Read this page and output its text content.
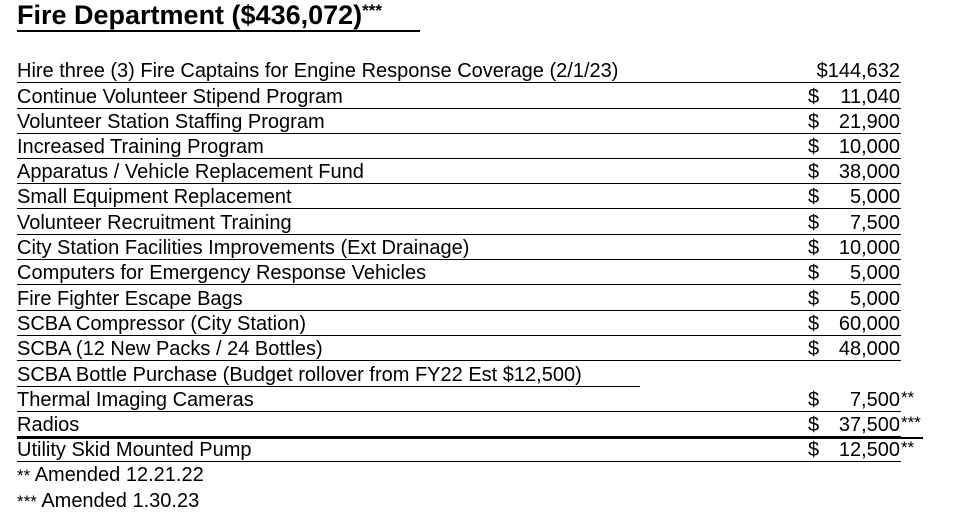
Fire Department ($436,072)***
Hire three (3) Fire Captains for Engine Response Coverage (2/1/23)	$144,632
Continue Volunteer Stipend Program	$ 11,040
Volunteer Station Staffing Program	$ 21,900
Increased Training Program	$ 10,000
Apparatus / Vehicle Replacement Fund	$ 38,000
Small Equipment Replacement	$ 5,000
Volunteer Recruitment Training	$ 7,500
City Station Facilities Improvements (Ext Drainage)	$ 10,000
Computers for Emergency Response Vehicles	$ 5,000
Fire Fighter Escape Bags	$ 5,000
SCBA Compressor (City Station)	$ 60,000
SCBA (12 New Packs / 24 Bottles)	$ 48,000
SCBA Bottle Purchase (Budget rollover from FY22 Est $12,500)
Thermal Imaging Cameras	$ 7,500 **
Radios	$ 37,500 ***
Utility Skid Mounted Pump	$ 12,500 **
** Amended 12.21.22
*** Amended 1.30.23
